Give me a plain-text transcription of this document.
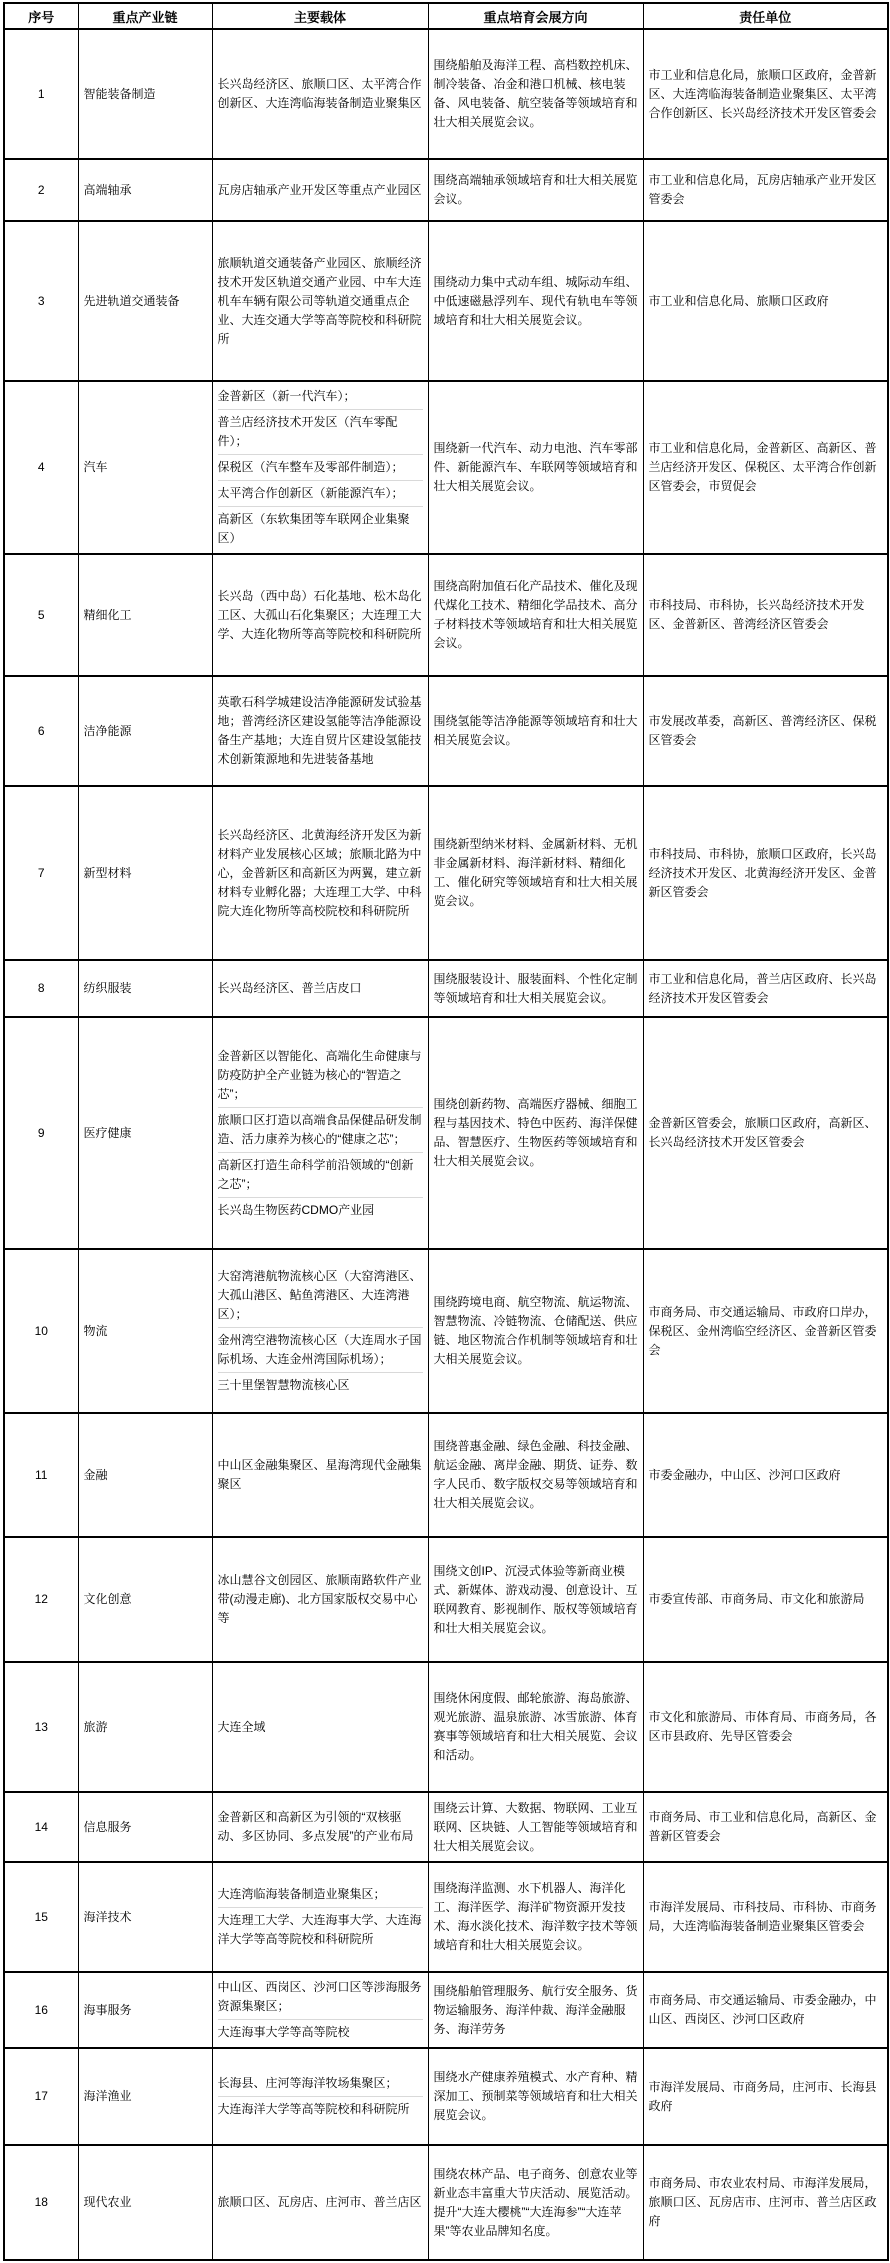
序号	重点产业链	主要载体	重点培育会展方向	责任单位
1	智能装备制造	长兴岛经济区、旅顺口区、太平湾合作创新区、大连湾临海装备制造业聚集区	围绕船舶及海洋工程、高档数控机床、制冷装备、冶金和港口机械、核电装备、风电装备、航空装备等领域培育和壮大相关展览会议。	市工业和信息化局，旅顺口区政府，金普新区、大连湾临海装备制造业聚集区、太平湾合作创新区、长兴岛经济技术开发区管委会
2	高端轴承	瓦房店轴承产业开发区等重点产业园区	围绕高端轴承领域培育和壮大相关展览会议。	市工业和信息化局，瓦房店轴承产业开发区管委会
3	先进轨道交通装备	旅顺轨道交通装备产业园区、旅顺经济技术开发区轨道交通产业园、中车大连机车车辆有限公司等轨道交通重点企业、大连交通大学等高等院校和科研院所	围绕动力集中式动车组、城际动车组、中低速磁悬浮列车、现代有轨电车等领域培育和壮大相关展览会议。	市工业和信息化局、旅顺口区政府
4	汽车	金普新区（新一代汽车）；
普兰店经济技术开发区（汽车零配件）；
保税区（汽车整车及零部件制造）；
太平湾合作创新区（新能源汽车）；
高新区（东软集团等车联网企业集聚区）	围绕新一代汽车、动力电池、汽车零部件、新能源汽车、车联网等领域培育和壮大相关展览会议。	市工业和信息化局，金普新区、高新区、普兰店经济开发区、保税区、太平湾合作创新区管委会，市贸促会
5	精细化工	长兴岛（西中岛）石化基地、松木岛化工区、大孤山石化集聚区；大连理工大学、大连化物所等高等院校和科研院所	围绕高附加值石化产品技术、催化及现代煤化工技术、精细化学品技术、高分子材料技术等领域培育和壮大相关展览会议。	市科技局、市科协，长兴岛经济技术开发区、金普新区、普湾经济区管委会
6	洁净能源	英歌石科学城建设洁净能源研发试验基地；普湾经济区建设氢能等洁净能源设备生产基地；大连自贸片区建设氢能技术创新策源地和先进装备基地	围绕氢能等洁净能源等领域培育和壮大相关展览会议。	市发展改革委，高新区、普湾经济区、保税区管委会
7	新型材料	长兴岛经济区、北黄海经济开发区为新材料产业发展核心区域；旅顺北路为中心，金普新区和高新区为两翼，建立新材料专业孵化器；大连理工大学、中科院大连化物所等高校院校和科研院所	围绕新型纳米材料、金属新材料、无机非金属新材料、海洋新材料、精细化工、催化研究等领域培育和壮大相关展览会议。	市科技局、市科协，旅顺口区政府，长兴岛经济技术开发区、北黄海经济开发区、金普新区管委会
8	纺织服装	长兴岛经济区、普兰店皮口	围绕服装设计、服装面料、个性化定制等领域培育和壮大相关展览会议。	市工业和信息化局，普兰店区政府、长兴岛经济技术开发区管委会
9	医疗健康	金普新区以智能化、高端化生命健康与防疫防护全产业链为核心的“智造之芯”；
旅顺口区打造以高端食品保健品研发制造、活力康养为核心的“健康之芯”；
高新区打造生命科学前沿领域的“创新之芯”；
长兴岛生物医药CDMO产业园	围绕创新药物、高端医疗器械、细胞工程与基因技术、特色中医药、海洋保健品、智慧医疗、生物医药等领域培育和壮大相关展览会议。	金普新区管委会，旅顺口区政府，高新区、长兴岛经济技术开发区管委会
10	物流	大窑湾港航物流核心区（大窑湾港区、大孤山港区、鲇鱼湾港区、大连湾港区）；
金州湾空港物流核心区（大连周水子国际机场、大连金州湾国际机场）；
三十里堡智慧物流核心区	围绕跨境电商、航空物流、航运物流、智慧物流、冷链物流、仓储配送、供应链、地区物流合作机制等领域培育和壮大相关展览会议。	市商务局、市交通运输局、市政府口岸办，保税区、金州湾临空经济区、金普新区管委会
11	金融	中山区金融集聚区、星海湾现代金融集聚区	围绕普惠金融、绿色金融、科技金融、航运金融、离岸金融、期货、证券、数字人民币、数字版权交易等领域培育和壮大相关展览会议。	市委金融办，中山区、沙河口区政府
12	文化创意	冰山慧谷文创园区、旅顺南路软件产业带(动漫走廊)、北方国家版权交易中心等	围绕文创IP、沉浸式体验等新商业模式、新媒体、游戏动漫、创意设计、互联网教育、影视制作、版权等领域培育和壮大相关展览会议。	市委宣传部、市商务局、市文化和旅游局
13	旅游	大连全域	围绕休闲度假、邮轮旅游、海岛旅游、观光旅游、温泉旅游、冰雪旅游、体育赛事等领域培育和壮大相关展览、会议和活动。	市文化和旅游局、市体育局、市商务局，各区市县政府、先导区管委会
14	信息服务	金普新区和高新区为引领的“双核驱动、多区协同、多点发展”的产业布局	围绕云计算、大数据、物联网、工业互联网、区块链、人工智能等领域培育和壮大相关展览会议。	市商务局、市工业和信息化局，高新区、金普新区管委会
15	海洋技术	大连湾临海装备制造业聚集区；
大连理工大学、大连海事大学、大连海洋大学等高等院校和科研院所	围绕海洋监测、水下机器人、海洋化工、海洋医学、海洋矿物资源开发技术、海水淡化技术、海洋数字技术等领域培育和壮大相关展览会议。	市海洋发展局、市科技局、市科协、市商务局，大连湾临海装备制造业聚集区管委会
16	海事服务	中山区、西岗区、沙河口区等涉海服务资源集聚区；
大连海事大学等高等院校	围绕船舶管理服务、航行安全服务、货物运输服务、海洋仲裁、海洋金融服务、海洋劳务	市商务局、市交通运输局、市委金融办，中山区、西岗区、沙河口区政府
17	海洋渔业	长海县、庄河等海洋牧场集聚区；
大连海洋大学等高等院校和科研院所	围绕水产健康养殖模式、水产育种、精深加工、预制菜等领域培育和壮大相关展览会议。	市海洋发展局、市商务局，庄河市、长海县政府
18	现代农业	旅顺口区、瓦房店、庄河市、普兰店区	围绕农林产品、电子商务、创意农业等新业态丰富重大节庆活动、展览活动。提升“大连大樱桃”“大连海参”“大连苹果”等农业品牌知名度。	市商务局、市农业农村局、市海洋发展局，旅顺口区、瓦房店市、庄河市、普兰店区政府
